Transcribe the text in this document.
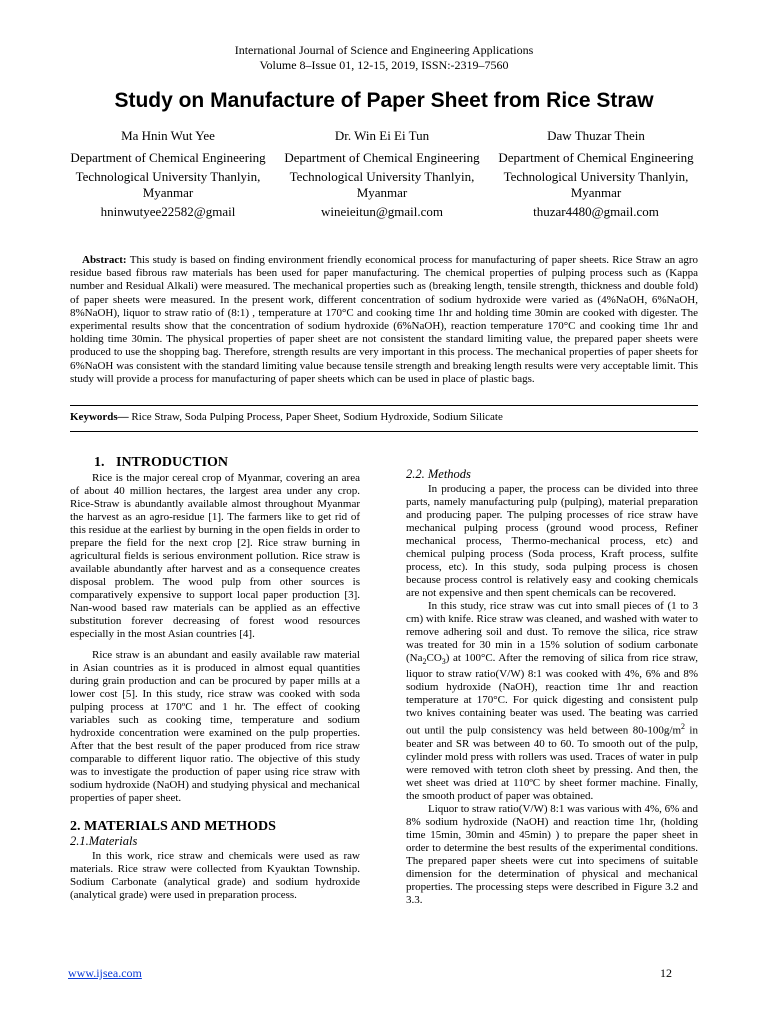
International Journal of Science and Engineering Applications
Volume 8–Issue 01, 12-15, 2019, ISSN:-2319–7560
Study on Manufacture of Paper Sheet from Rice Straw
Ma Hnin Wut Yee
Department of Chemical Engineering
Technological University Thanlyin, Myanmar
hninwutyee22582@gmail
Dr. Win Ei Ei Tun
Department of Chemical Engineering
Technological University Thanlyin, Myanmar
wineieitun@gmail.com
Daw Thuzar Thein
Department of Chemical Engineering
Technological University Thanlyin, Myanmar
thuzar4480@gmail.com
Abstract: This study is based on finding environment friendly economical process for manufacturing of paper sheets. Rice Straw an agro residue based fibrous raw materials has been used for paper manufacturing. The chemical properties of pulping process such as (Kappa number and Residual Alkali) were measured. The mechanical properties such as (breaking length, tensile strength, thickness and double fold) of paper sheets were measured. In the present work, different concentration of sodium hydroxide were varied as (4%NaOH, 6%NaOH, 8%NaOH), liquor to straw ratio of (8:1) , temperature at 170°C and cooking time 1hr and holding time 30min are cooked with digester. The experimental results show that the concentration of sodium hydroxide (6%NaOH), reaction temperature 170°C and cooking time 1hr and holding time 30min. The physical properties of paper sheet are not consistent the standard limiting value, the prepared paper sheets were produced to use the shopping bag. Therefore, strength results are very important in this process. The mechanical properties of paper sheets for 6%NaOH was consistent with the standard limiting value because tensile strength and breaking length results were very acceptable limit. This study will provide a process for manufacturing of paper sheets which can be used in place of plastic bags.
Keywords— Rice Straw, Soda Pulping Process, Paper Sheet, Sodium Hydroxide, Sodium Silicate
1. INTRODUCTION

Rice is the major cereal crop of Myanmar, covering an area of about 40 million hectares, the largest area under any crop. Rice-Straw is abundantly available almost throughout Myanmar the harvest as an agro-residue [1]. The farmers like to get rid of this residue at the earliest by burning in the open fields in order to prepare the field for the next crop [2]. Rice straw burning in agricultural fields is serious environment pollution. Rice straw is available abundantly after harvest and as a consequence creates disposal problem. The wood pulp from other sources is comparatively expensive to support local paper production [3]. Nan-wood based raw materials can be applied as an effective substitution forever decreasing of forest wood resources especially in the most Asian countries [4].

Rice straw is an abundant and easily available raw material in Asian countries as it is produced in almost equal quantities during grain production and can be procured by paper mills at a lower cost [5]. In this study, rice straw was cooked with soda pulping process at 170ºC and 1 hr. The effect of cooking variables such as cooking time, temperature and sodium hydroxide concentration were examined on the pulp properties. After that the best result of the paper produced from rice straw comparable to different liquor ratio. The objective of this study was to investigate the production of paper using rice straw with sodium hydroxide (NaOH) and studying physical and mechanical properties of paper sheet.

2. MATERIALS AND METHODS
2.1.Materials

In this work, rice straw and chemicals were used as raw materials. Rice straw were collected from Kyauktan Township. Sodium Carbonate (analytical grade) and sodium hydroxide (analytical grade) were used in preparation process.

2.2. Methods

In producing a paper, the process can be divided into three parts, namely manufacturing pulp (pulping), material preparation and producing paper. The pulping processes of rice straw have mechanical pulping process (ground wood process, Refiner mechanical process, Thermo-mechanical process, etc) and chemical pulping process (Soda process, Kraft process, sulfite process, etc). In this study, soda pulping process is chosen because process control is relatively easy and cooking chemicals are not expensive and then spent chemicals can be recovered.

In this study, rice straw was cut into small pieces of (1 to 3 cm) with knife. Rice straw was cleaned, and washed with water to remove adhering soil and dust. To remove the silica, rice straw was treated for 30 min in a 15% solution of sodium carbonate $(Na_2CO_3)$ at 100°C. After the removing of silica from rice straw, liquor to straw ratio(V/W) 8:1 was cooked with 4%, 6% and 8% sodium hydroxide (NaOH), reaction time 1hr and reaction temperature at 170°C. For quick digesting and consistent pulp two knives containing beater was used. The beating was carried out until the pulp consistency was held between $80-100g/m^2$ in beater and SR was between 40 to 60. To smooth out of the pulp, cylinder mold press with rollers was used. Traces of water in pulp were removed with tetron cloth sheet by pressing. And then, the wet sheet was dried at 110ºC by sheet former machine. Finally, the smooth product of paper was obtained.

Liquor to straw ratio(V/W) 8:1 was various with 4%, 6% and 8% sodium hydroxide (NaOH) and reaction time 1hr, (holding time 15min, 30min and 45min) ) to prepare the paper sheet in order to determine the best results of the experimental conditions. The prepared paper sheets were cut into specimens of suitable dimension for the determination of physical and mechanical properties. The processing steps were described in Figure 3.2 and 3.3.

www.ijsea.com	12
